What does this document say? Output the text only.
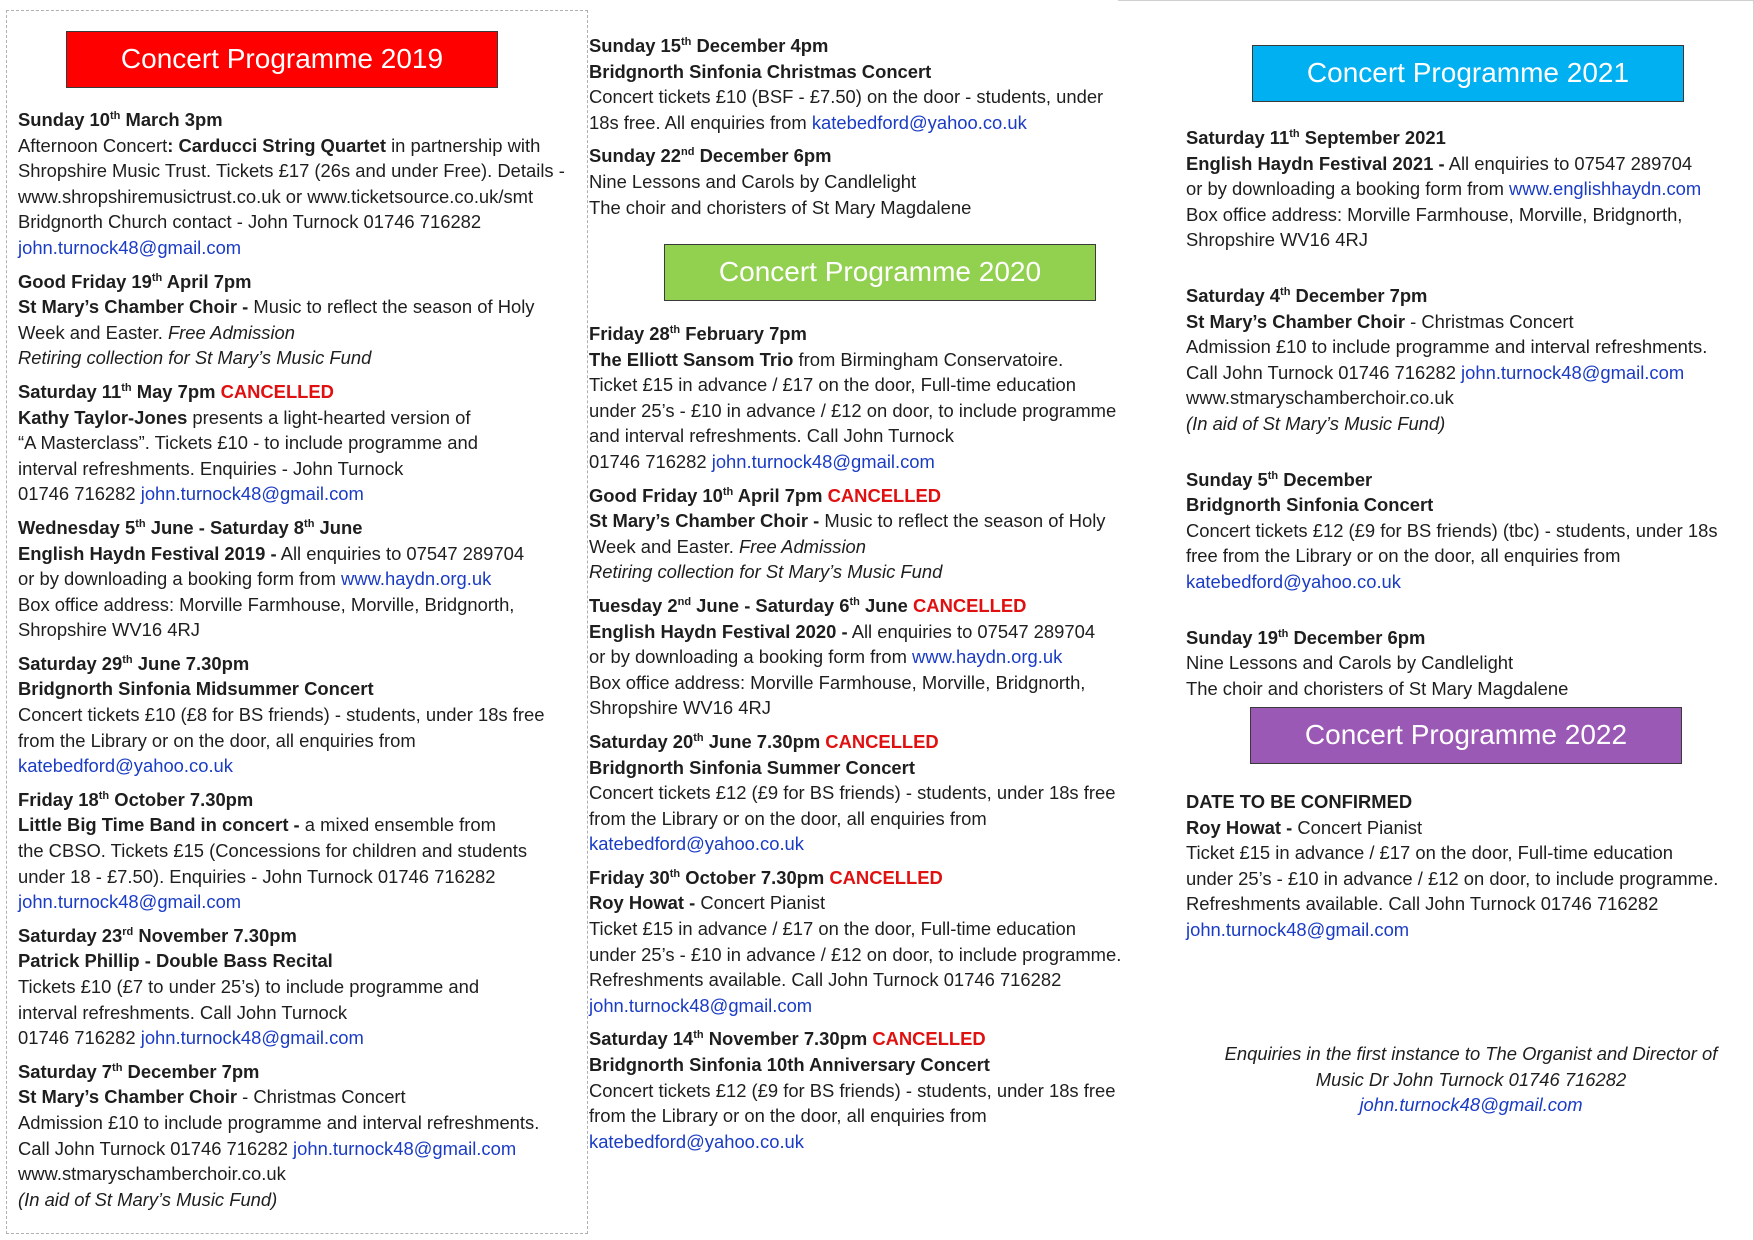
Concert Programme 2019
Concert Programme 2020
Concert Programme 2021
Concert Programme 2022
Sunday 10th March 3pm
Afternoon Concert: Carducci String Quartet in partnership with
Shropshire Music Trust. Tickets £17 (26s and under Free). Details -
www.shropshiremusictrust.co.uk or www.ticketsource.co.uk/smt
Bridgnorth Church contact - John Turnock 01746 716282
john.turnock48@gmail.com
Good Friday 19th April 7pm
St Mary’s Chamber Choir - Music to reflect the season of Holy
Week and Easter. Free Admission
Retiring collection for St Mary’s Music Fund
Saturday 11th May 7pm CANCELLED
Kathy Taylor-Jones presents a light-hearted version of
“A Masterclass”. Tickets £10 - to include programme and
interval refreshments. Enquiries - John Turnock
01746 716282 john.turnock48@gmail.com
Wednesday 5th June - Saturday 8th June
English Haydn Festival 2019 - All enquiries to 07547 289704
or by downloading a booking form from www.haydn.org.uk
Box office address: Morville Farmhouse, Morville, Bridgnorth,
Shropshire WV16 4RJ
Saturday 29th June 7.30pm
Bridgnorth Sinfonia Midsummer Concert
Concert tickets £10 (£8 for BS friends) - students, under 18s free
from the Library or on the door, all enquiries from
katebedford@yahoo.co.uk
Friday 18th October 7.30pm
Little Big Time Band in concert - a mixed ensemble from
the CBSO. Tickets £15 (Concessions for children and students
under 18 - £7.50). Enquiries - John Turnock 01746 716282
john.turnock48@gmail.com
Saturday 23rd November 7.30pm
Patrick Phillip - Double Bass Recital
Tickets £10 (£7 to under 25’s) to include programme and
interval refreshments. Call John Turnock
01746 716282 john.turnock48@gmail.com
Saturday 7th December 7pm
St Mary’s Chamber Choir - Christmas Concert
Admission £10 to include programme and interval refreshments.
Call John Turnock 01746 716282 john.turnock48@gmail.com
www.stmaryschamberchoir.co.uk
(In aid of St Mary’s Music Fund)
Sunday 15th December 4pm
Bridgnorth Sinfonia Christmas Concert
Concert tickets £10 (BSF - £7.50) on the door - students, under
18s free. All enquiries from katebedford@yahoo.co.uk
Sunday 22nd December 6pm
Nine Lessons and Carols by Candlelight
The choir and choristers of St Mary Magdalene
Friday 28th February 7pm
The Elliott Sansom Trio from Birmingham Conservatoire.
Ticket £15 in advance / £17 on the door, Full-time education
under 25’s - £10 in advance / £12 on door, to include programme
and interval refreshments. Call John Turnock
01746 716282 john.turnock48@gmail.com
Good Friday 10th April 7pm CANCELLED
St Mary’s Chamber Choir - Music to reflect the season of Holy
Week and Easter. Free Admission
Retiring collection for St Mary’s Music Fund
Tuesday 2nd June - Saturday 6th June CANCELLED
English Haydn Festival 2020 - All enquiries to 07547 289704
or by downloading a booking form from www.haydn.org.uk
Box office address: Morville Farmhouse, Morville, Bridgnorth,
Shropshire WV16 4RJ
Saturday 20th June 7.30pm CANCELLED
Bridgnorth Sinfonia Summer Concert
Concert tickets £12 (£9 for BS friends) - students, under 18s free
from the Library or on the door, all enquiries from
katebedford@yahoo.co.uk
Friday 30th October 7.30pm CANCELLED
Roy Howat - Concert Pianist
Ticket £15 in advance / £17 on the door, Full-time education
under 25’s - £10 in advance / £12 on door, to include programme.
Refreshments available. Call John Turnock 01746 716282
john.turnock48@gmail.com
Saturday 14th November 7.30pm CANCELLED
Bridgnorth Sinfonia 10th Anniversary Concert
Concert tickets £12 (£9 for BS friends) - students, under 18s free
from the Library or on the door, all enquiries from
katebedford@yahoo.co.uk
Saturday 11th September 2021
English Haydn Festival 2021 - All enquiries to 07547 289704
or by downloading a booking form from www.englishhaydn.com
Box office address: Morville Farmhouse, Morville, Bridgnorth,
Shropshire WV16 4RJ
Saturday 4th December 7pm
St Mary’s Chamber Choir - Christmas Concert
Admission £10 to include programme and interval refreshments.
Call John Turnock 01746 716282 john.turnock48@gmail.com
www.stmaryschamberchoir.co.uk
(In aid of St Mary’s Music Fund)
Sunday 5th December
Bridgnorth Sinfonia Concert
Concert tickets £12 (£9 for BS friends) (tbc) - students, under 18s
free from the Library or on the door, all enquiries from
katebedford@yahoo.co.uk
Sunday 19th December 6pm
Nine Lessons and Carols by Candlelight
The choir and choristers of St Mary Magdalene
DATE TO BE CONFIRMED
Roy Howat - Concert Pianist
Ticket £15 in advance / £17 on the door, Full-time education
under 25’s - £10 in advance / £12 on door, to include programme.
Refreshments available. Call John Turnock 01746 716282
john.turnock48@gmail.com
Enquiries in the first instance to The Organist and Director of
Music Dr John Turnock 01746 716282
john.turnock48@gmail.com
